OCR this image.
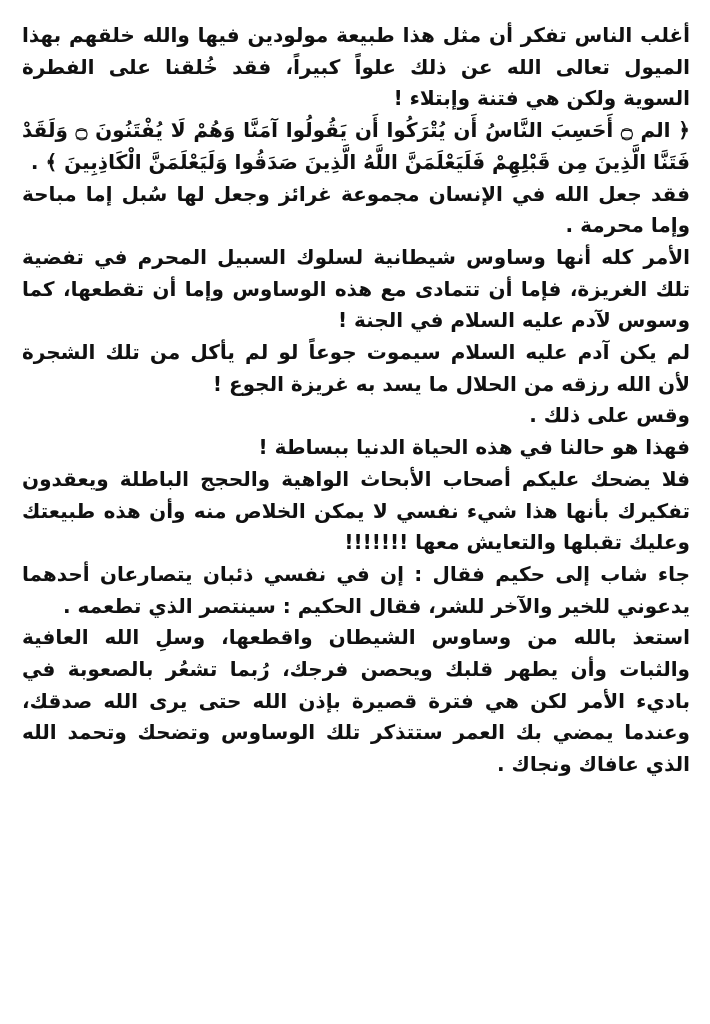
أغلب الناس تفكر أن مثل هذا طبيعة مولودين فيها والله خلقهم بهذا الميول تعالى الله عن ذلك علواً كبيراً، فقد خُلقنا على الفطرة السوية ولكن هي فتنة وإبتلاء !

﴿ الم ۝ أَحَسِبَ النَّاسُ أَن يُتْرَكُوا أَن يَقُولُوا آمَنَّا وَهُمْ لَا يُفْتَنُونَ ۝ وَلَقَدْ فَتَنَّا الَّذِينَ مِن قَبْلِهِمْ فَلَيَعْلَمَنَّ اللَّهُ الَّذِينَ صَدَقُوا وَلَيَعْلَمَنَّ الْكَاذِبِينَ ﴾ .

فقد جعل الله في الإنسان مجموعة غرائز وجعل لها سُبل إما مباحة وإما محرمة .

الأمر كله أنها وساوس شيطانية لسلوك السبيل المحرم في تفضية تلك الغريزة، فإما أن تتمادى مع هذه الوساوس وإما أن تقطعها، كما وسوس لآدم عليه السلام في الجنة !

لم يكن آدم عليه السلام سيموت جوعاً لو لم يأكل من تلك الشجرة لأن الله رزقه من الحلال ما يسد به غريزة الجوع !

وقس على ذلك .

فهذا هو حالنا في هذه الحياة الدنيا ببساطة !

فلا يضحك عليكم أصحاب الأبحاث الواهية والحجج الباطلة ويعقدون تفكيرك بأنها هذا شيء نفسي لا يمكن الخلاص منه وأن هذه طبيعتك وعليك تقبلها والتعايش معها !!!!!!!

جاء شاب إلى حكيم فقال : إن في نفسي ذئبان يتصارعان أحدهما يدعوني للخير والآخر للشر، فقال الحكيم : سينتصر الذي تطعمه .

استعذ بالله من وساوس الشيطان واقطعها، وسلِ الله العافية والثبات وأن يطهر قلبك ويحصن فرجك، رُبما تشعُر بالصعوبة في باديء الأمر لكن هي فترة قصيرة بإذن الله حتى يرى الله صدقك، وعندما يمضي بك العمر ستتذكر تلك الوساوس وتضحك وتحمد الله الذي عافاك ونجاك .
